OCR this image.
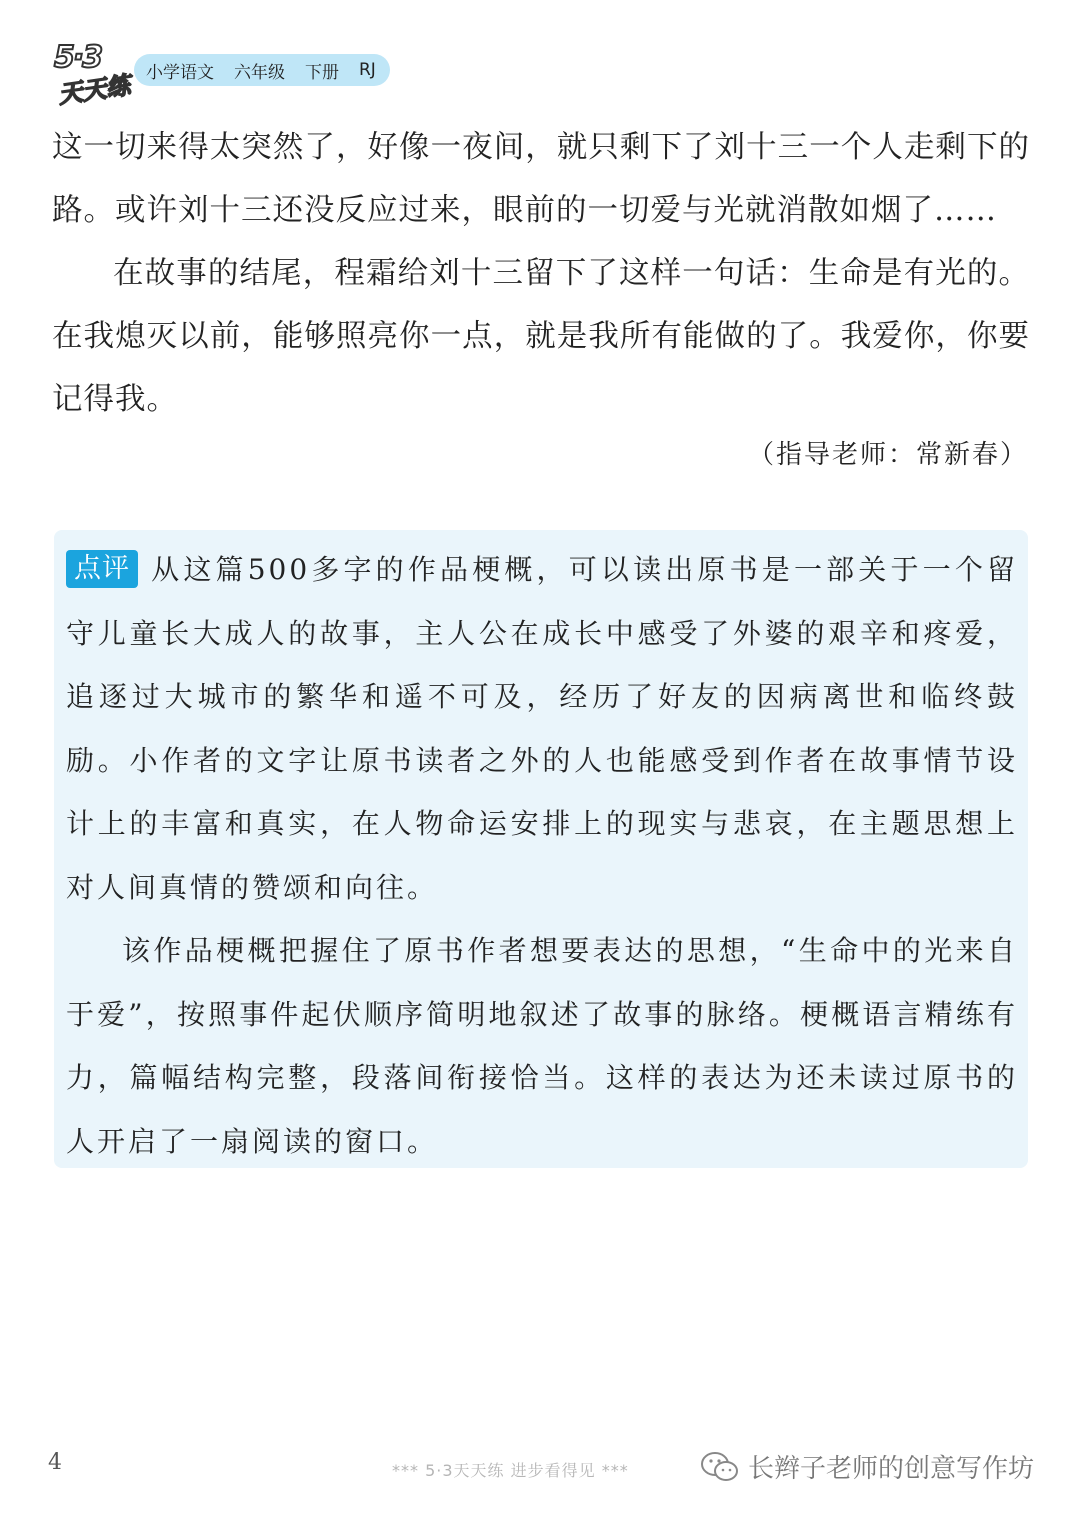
5·3
天天练 小学语文 六年级 下册 RJ

这一切来得太突然了，好像一夜间，就只剩下了刘十三一个人走剩下的路。或许刘十三还没反应过来，眼前的一切爱与光就消散如烟了……

在故事的结尾，程霜给刘十三留下了这样一句话：生命是有光的。在我熄灭以前，能够照亮你一点，就是我所有能做的了。我爱你，你要记得我。

（指导老师：常新春）

点评 从这篇500多字的作品梗概，可以读出原书是一部关于一个留守儿童长大成人的故事，主人公在成长中感受了外婆的艰辛和疼爱，追逐过大城市的繁华和遥不可及，经历了好友的因病离世和临终鼓励。小作者的文字让原书读者之外的人也能感受到作者在故事情节设计上的丰富和真实，在人物命运安排上的现实与悲哀，在主题思想上对人间真情的赞颂和向往。

该作品梗概把握住了原书作者想要表达的思想，“生命中的光来自于爱”，按照事件起伏顺序简明地叙述了故事的脉络。梗概语言精练有力，篇幅结构完整，段落间衔接恰当。这样的表达为还未读过原书的人开启了一扇阅读的窗口。

4	*** 5·3天天练 进步看得见 ***	长辫子老师的创意写作坊
